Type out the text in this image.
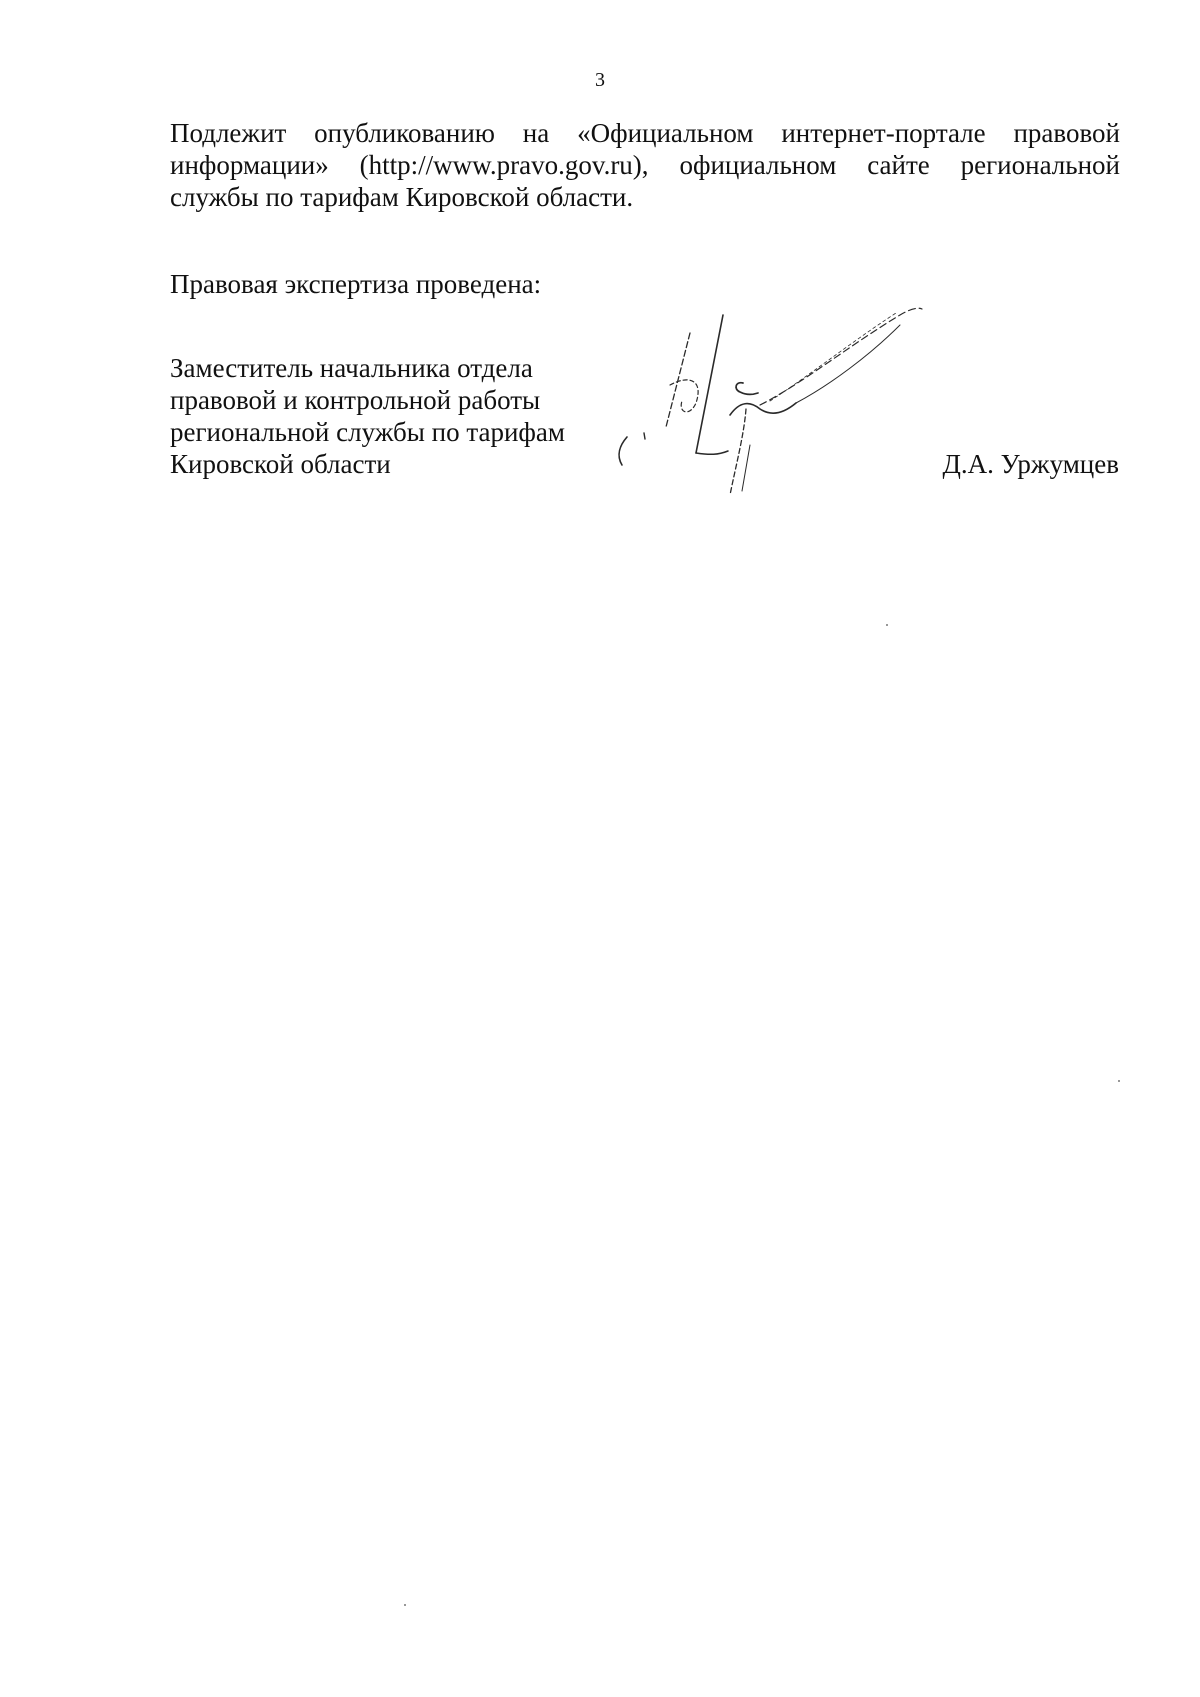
3
Подлежит опубликованию на «Официальном интернет-портале правовой
информации» (http://www.pravo.gov.ru), официальном сайте региональной
службы по тарифам Кировской области.
Правовая экспертиза проведена:
Заместитель начальника отдела
правовой и контрольной работы
региональной службы по тарифам
Кировской области	Д.А. Уржумцев
